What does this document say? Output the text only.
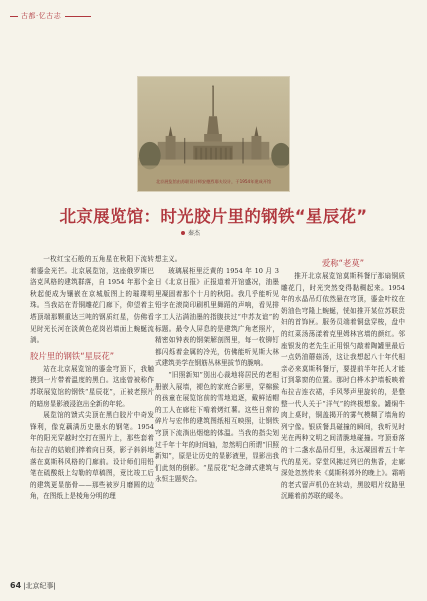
古都·忆古志
北京展览馆由苏联设计师安德烈耶夫设计，于1954年建成开馆
北京展览馆：时光胶片里的钢铁“星辰花”
秦杰

一枚红宝石般的五角星在秋阳下流转着鎏金光芒。北京展览馆，这座俄罗斯巴洛克风格的建筑群落，自 1954 年那个金秋起便成为镶嵌在京城版图上的璀璨明珠。当我站在青铜雕花门廊下，仰望着主塔顶端那颗重达三吨的钢质红星，仿佛看见时光长河在淡黄色花岗岩墙面上蜿蜒流淌。

胶片里的钢铁“星辰花”

站在北京展览馆的鎏金穹顶下，我触摸到一片带着温度的黑白。这座曾被称作苏联展览馆的钢铁“星辰花”，正被老照片的暗房显影液浸泡出全新的年轮。

展览馆的馈式尖顶在黑白胶片中奇发锋利，像克藕满历史墨水的钢笔。1954 年的阳光穿越时空打在照片上，那些套着布拉吉的姑娘们捧着向日葵，影子斜斜地落在莫斯科风格的门廊前。设计师们用铅笔在硫酸纸上勾勒的草稿图，竟比竣工后的建筑更显筋骨——那些被岁月磨圆的边角，在图纸上是棱角分明的理

想主义。

玻璃展柜里泛黄的 1954 年 10 月 3 日《北京日报》正报道着开馆盛况，油墨里凝固着那个十月的秋阳。我几乎能听见铅字在滚筒印刷机里舞蹈的声响，看见排字工人沾满油墨的指腹扶过“中苏友谊”的标题。最令人屏息的是建筑广角老照片，精密如钟表的钢架解剖图里，每一枚铆钉都闪烁着金属的冷光，仿佛能听见斯大林式建筑美学在钢筋丛林里拔节的脆响。

“旧照新知”别出心裁地将居民的老相册嵌入展墙，褪色的家庭合影里，穿棉猴的孩童在展览馆前的雪地追逐，戴鲜适帽的工人在廊柱下啃着烤红薯。这些日常的碎片与宏伟的建筑图纸相互映照，让钢铁穹顶下流淌出烟熄的体温。当我的指尖划过千年十年的时间轴，忽然明白所谓“旧照新知”，原是让历史的显影液里，显影出我们此刻的倒影。“星辰花”纪念碑式建筑与永恒主题契合。

爱称“老莫”

推开北京展览馆莫斯科餐厅那扇铜质雕花门，时光突然变得黏稠起来。1954 年的水晶吊灯依然悬在穹顶，鎏金叶纹在奶油色穹隆上蜿蜒，恍如推开某位苏联贵妇的首饰匣。服务员端着铜盘穿梭，盘中的红菜汤荡漾着克里姆林宫墙的颜红。邻座银发的老先生正用银勺敲着陶罐里最后一点奶油蘑菇汤，这让我想起八十年代相亲必来莫斯科餐厅，要提前半年托人才能订到靠窗的位置。那时白桦木护墙板映着布拉吉连衣裙，手风琴声里旋转的，是整整一代人关于“洋气”的终极想象。罐焖牛肉上桌时，铜盖揭开的雾气模糊了墙角的列宁像。银质餐具碰撞的瞬间，我听见时光在两种文明之间清脆地碰撞。穹顶垂落的十二盏水晶吊灯里，永远凝固着五十年代的星光。穿堂风拂过列巴的焦香，走廊深处忽然传来《莫斯科郊外的晚上》。霜哨的老式留声机仍在转动，黑胶唱片纹路里沉睡着前苏联的暖冬。

64 |北京纪事|
